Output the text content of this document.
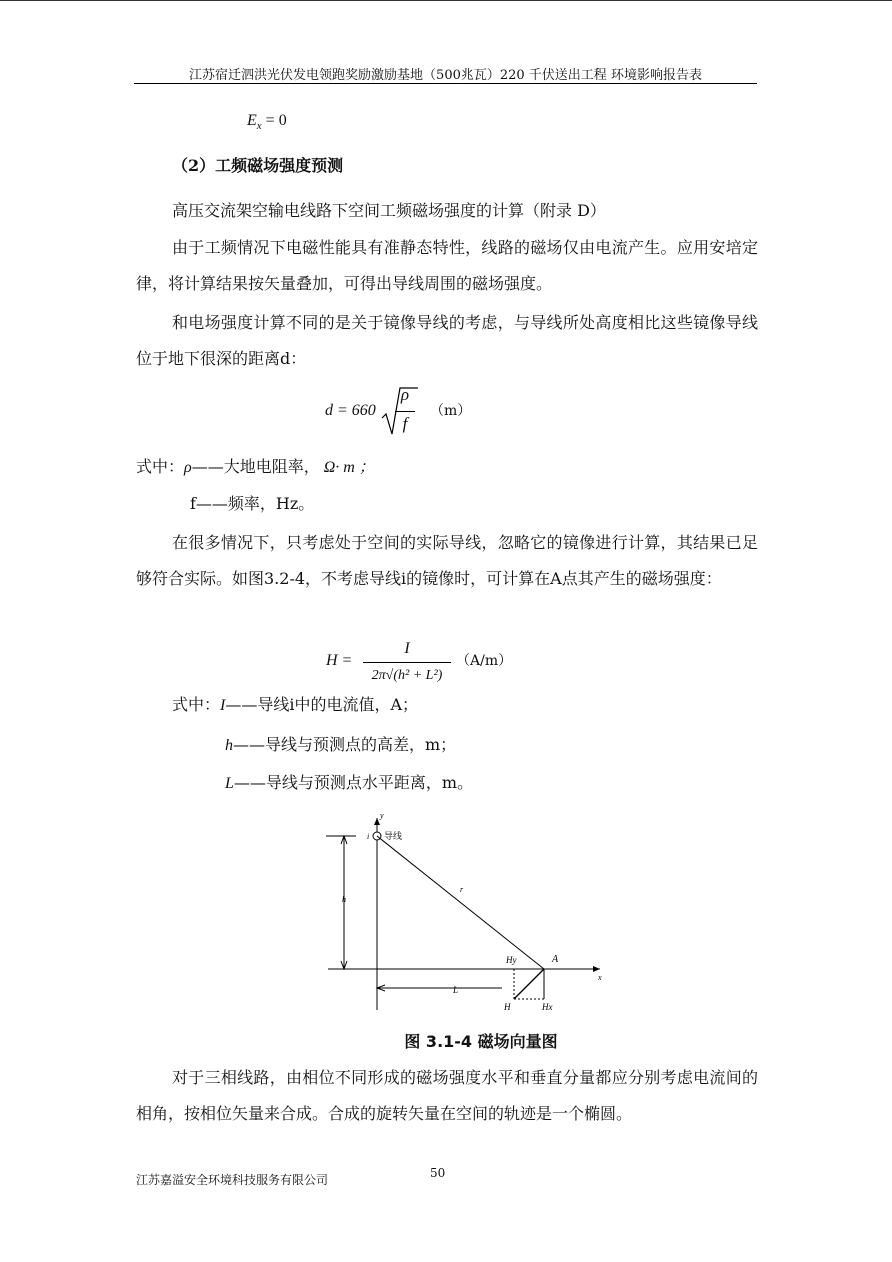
江苏宿迁泗洪光伏发电领跑奖励激励基地（500兆瓦）220 千伏送出工程 环境影响报告表
$E_x = 0$
（2）工频磁场强度预测
高压交流架空输电线路下空间工频磁场强度的计算（附录 D）
由于工频情况下电磁性能具有准静态特性，线路的磁场仅由电流产生。应用安培定律，将计算结果按矢量叠加，可得出导线周围的磁场强度。
和电场强度计算不同的是关于镜像导线的考虑，与导线所处高度相比这些镜像导线位于地下很深的距离d：
d = 660
ρ
f
（m）
式中：ρ——大地电阻率， Ω· m ；
f——频率，Hz。
在很多情况下，只考虑处于空间的实际导线，忽略它的镜像进行计算，其结果已足够符合实际。如图3.2-4，不考虑导线i的镜像时，可计算在A点其产生的磁场强度：
H =
I
2π√(h² + L²)
（A/m）
式中：I——导线i中的电流值，A；
h——导线与预测点的高差，m；
L——导线与预测点水平距离，m。
y
x
h
i 导线
r
A
Hy
Hx
H
L
图 3.1-4 磁场向量图
对于三相线路，由相位不同形成的磁场强度水平和垂直分量都应分别考虑电流间的相角，按相位矢量来合成。合成的旋转矢量在空间的轨迹是一个椭圆。
50
江苏嘉溢安全环境科技服务有限公司
